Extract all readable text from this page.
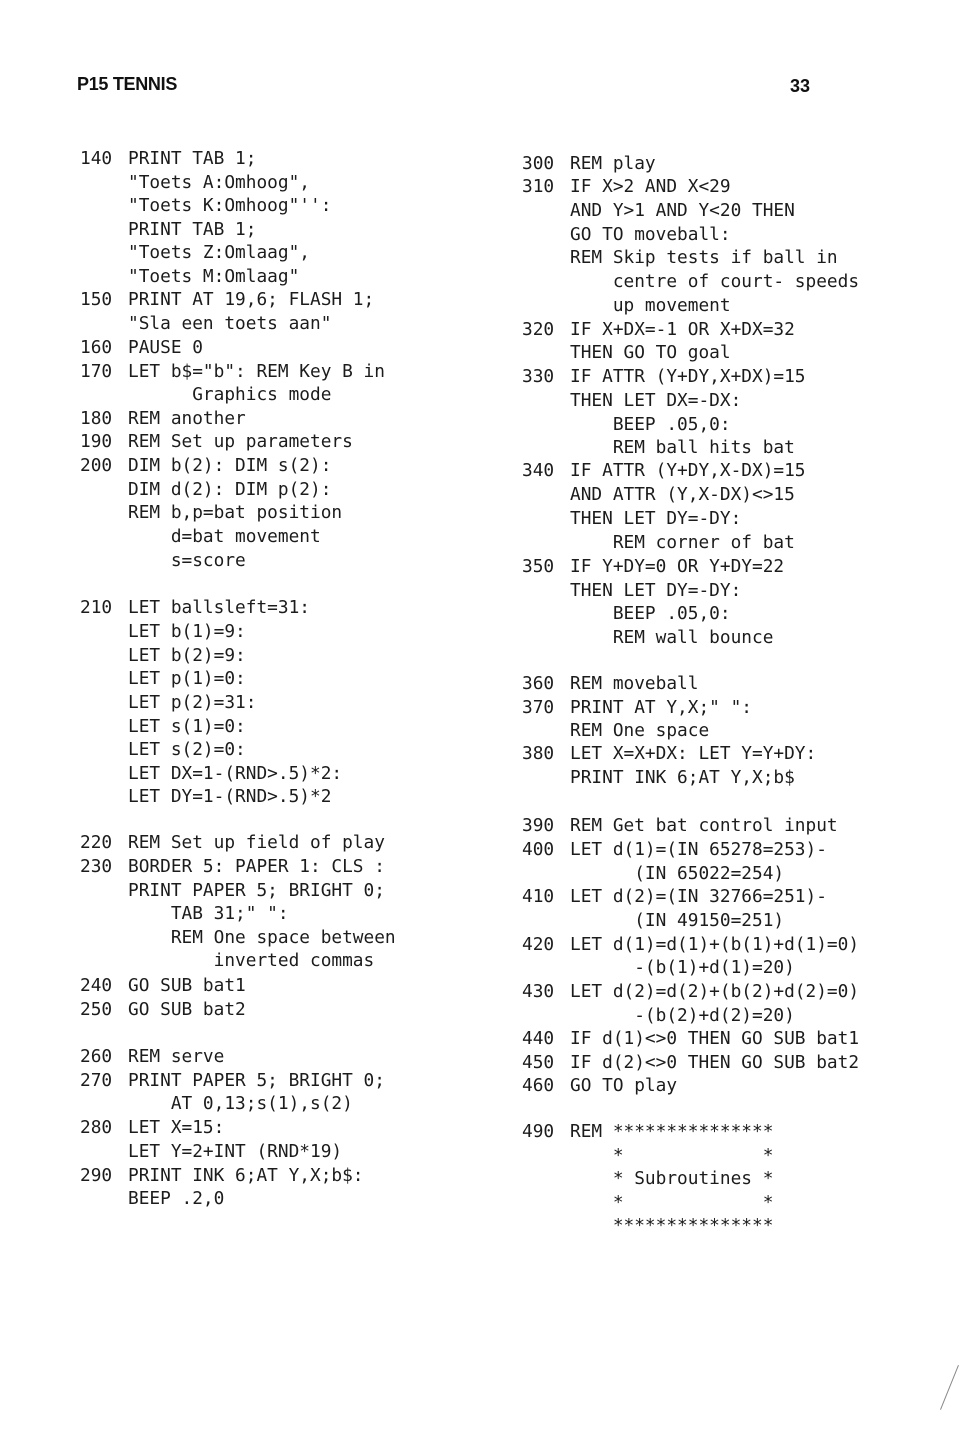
P15 TENNIS	33
140 PRINT TAB 1;
"Toets A:Omhoog",
"Toets K:Omhoog"'':
PRINT TAB 1;
"Toets Z:Omlaag",
"Toets M:Omlaag"
150 PRINT AT 19,6; FLASH 1;
"Sla een toets aan"
160 PAUSE 0
170 LET b$="b": REM Key B in
Graphics mode
180 REM another
190 REM Set up parameters
200 DIM b(2): DIM s(2):
DIM d(2): DIM p(2):
REM b,p=bat position
d=bat movement
s=score
210 LET ballsleft=31:
LET b(1)=9:
LET b(2)=9:
LET p(1)=0:
LET p(2)=31:
LET s(1)=0:
LET s(2)=0:
LET DX=1-(RND>.5)*2:
LET DY=1-(RND>.5)*2
220 REM Set up field of play
230 BORDER 5: PAPER 1: CLS :
PRINT PAPER 5; BRIGHT 0;
TAB 31;" ":
REM One space between
inverted commas
240 GO SUB bat1
250 GO SUB bat2
260 REM serve
270 PRINT PAPER 5; BRIGHT 0;
AT 0,13;s(1),s(2)
280 LET X=15:
LET Y=2+INT (RND*19)
290 PRINT INK 6;AT Y,X;b$:
BEEP .2,0
300 REM play
310 IF X>2 AND X<29
AND Y>1 AND Y<20 THEN
GO TO moveball:
REM Skip tests if ball in
centre of court- speeds
up movement
320 IF X+DX=-1 OR X+DX=32
THEN GO TO goal
330 IF ATTR (Y+DY,X+DX)=15
THEN LET DX=-DX:
BEEP .05,0:
REM ball hits bat
340 IF ATTR (Y+DY,X-DX)=15
AND ATTR (Y,X-DX)<>15
THEN LET DY=-DY:
REM corner of bat
350 IF Y+DY=0 OR Y+DY=22
THEN LET DY=-DY:
BEEP .05,0:
REM wall bounce
360 REM moveball
370 PRINT AT Y,X;" ":
REM One space
380 LET X=X+DX: LET Y=Y+DY:
PRINT INK 6;AT Y,X;b$
390 REM Get bat control input
400 LET d(1)=(IN 65278=253)-
(IN 65022=254)
410 LET d(2)=(IN 32766=251)-
(IN 49150=251)
420 LET d(1)=d(1)+(b(1)+d(1)=0)
-(b(1)+d(1)=20)
430 LET d(2)=d(2)+(b(2)+d(2)=0)
-(b(2)+d(2)=20)
440 IF d(1)<>0 THEN GO SUB bat1
450 IF d(2)<>0 THEN GO SUB bat2
460 GO TO play
490 REM ***************
*             *
* Subroutines *
*             *
***************
